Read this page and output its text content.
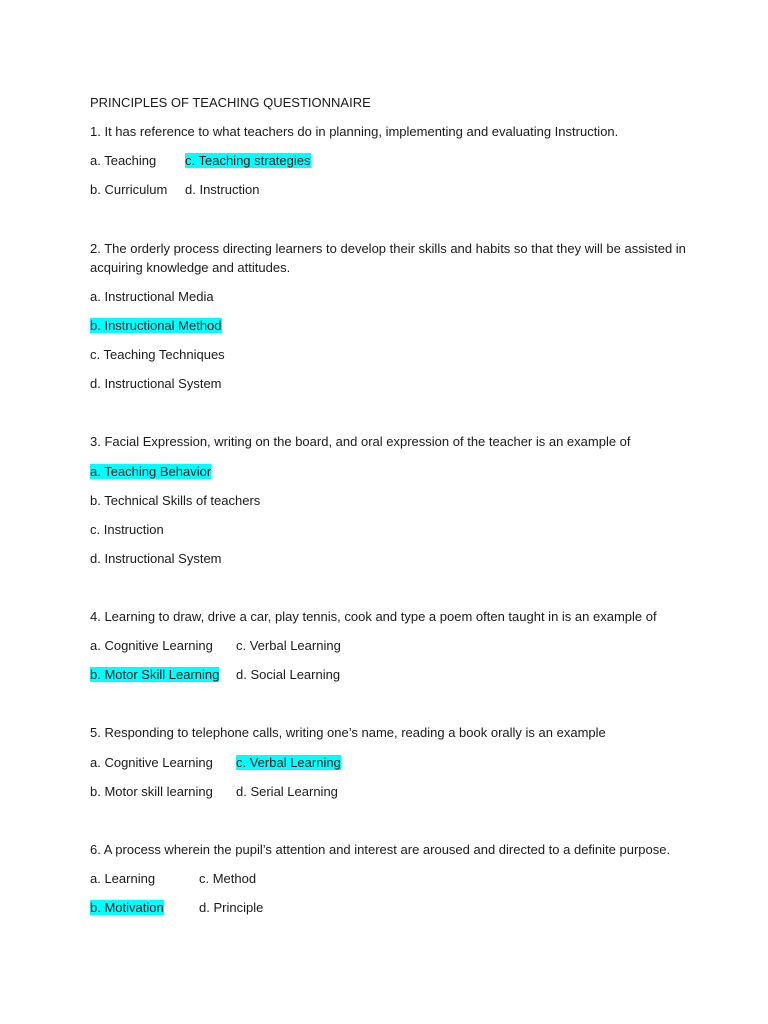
PRINCIPLES OF TEACHING QUESTIONNAIRE
1. It has reference to what teachers do in planning, implementing and evaluating Instruction.
a. Teaching c. Teaching strategies
b. Curriculum d. Instruction
2. The orderly process directing learners to develop their skills and habits so that they will be assisted in acquiring knowledge and attitudes.
a. Instructional Media
b. Instructional Method
c. Teaching Techniques
d. Instructional System
3. Facial Expression, writing on the board, and oral expression of the teacher is an example of
a. Teaching Behavior
b. Technical Skills of teachers
c. Instruction
d. Instructional System
4. Learning to draw, drive a car, play tennis, cook and type a poem often taught in is an example of
a. Cognitive Learning c. Verbal Learning
b. Motor Skill Learning d. Social Learning
5. Responding to telephone calls, writing one’s name, reading a book orally is an example
a. Cognitive Learning c. Verbal Learning
b. Motor skill learning d. Serial Learning
6. A process wherein the pupil’s attention and interest are aroused and directed to a definite purpose.
a. Learning	c. Method
b. Motivation	d. Principle
